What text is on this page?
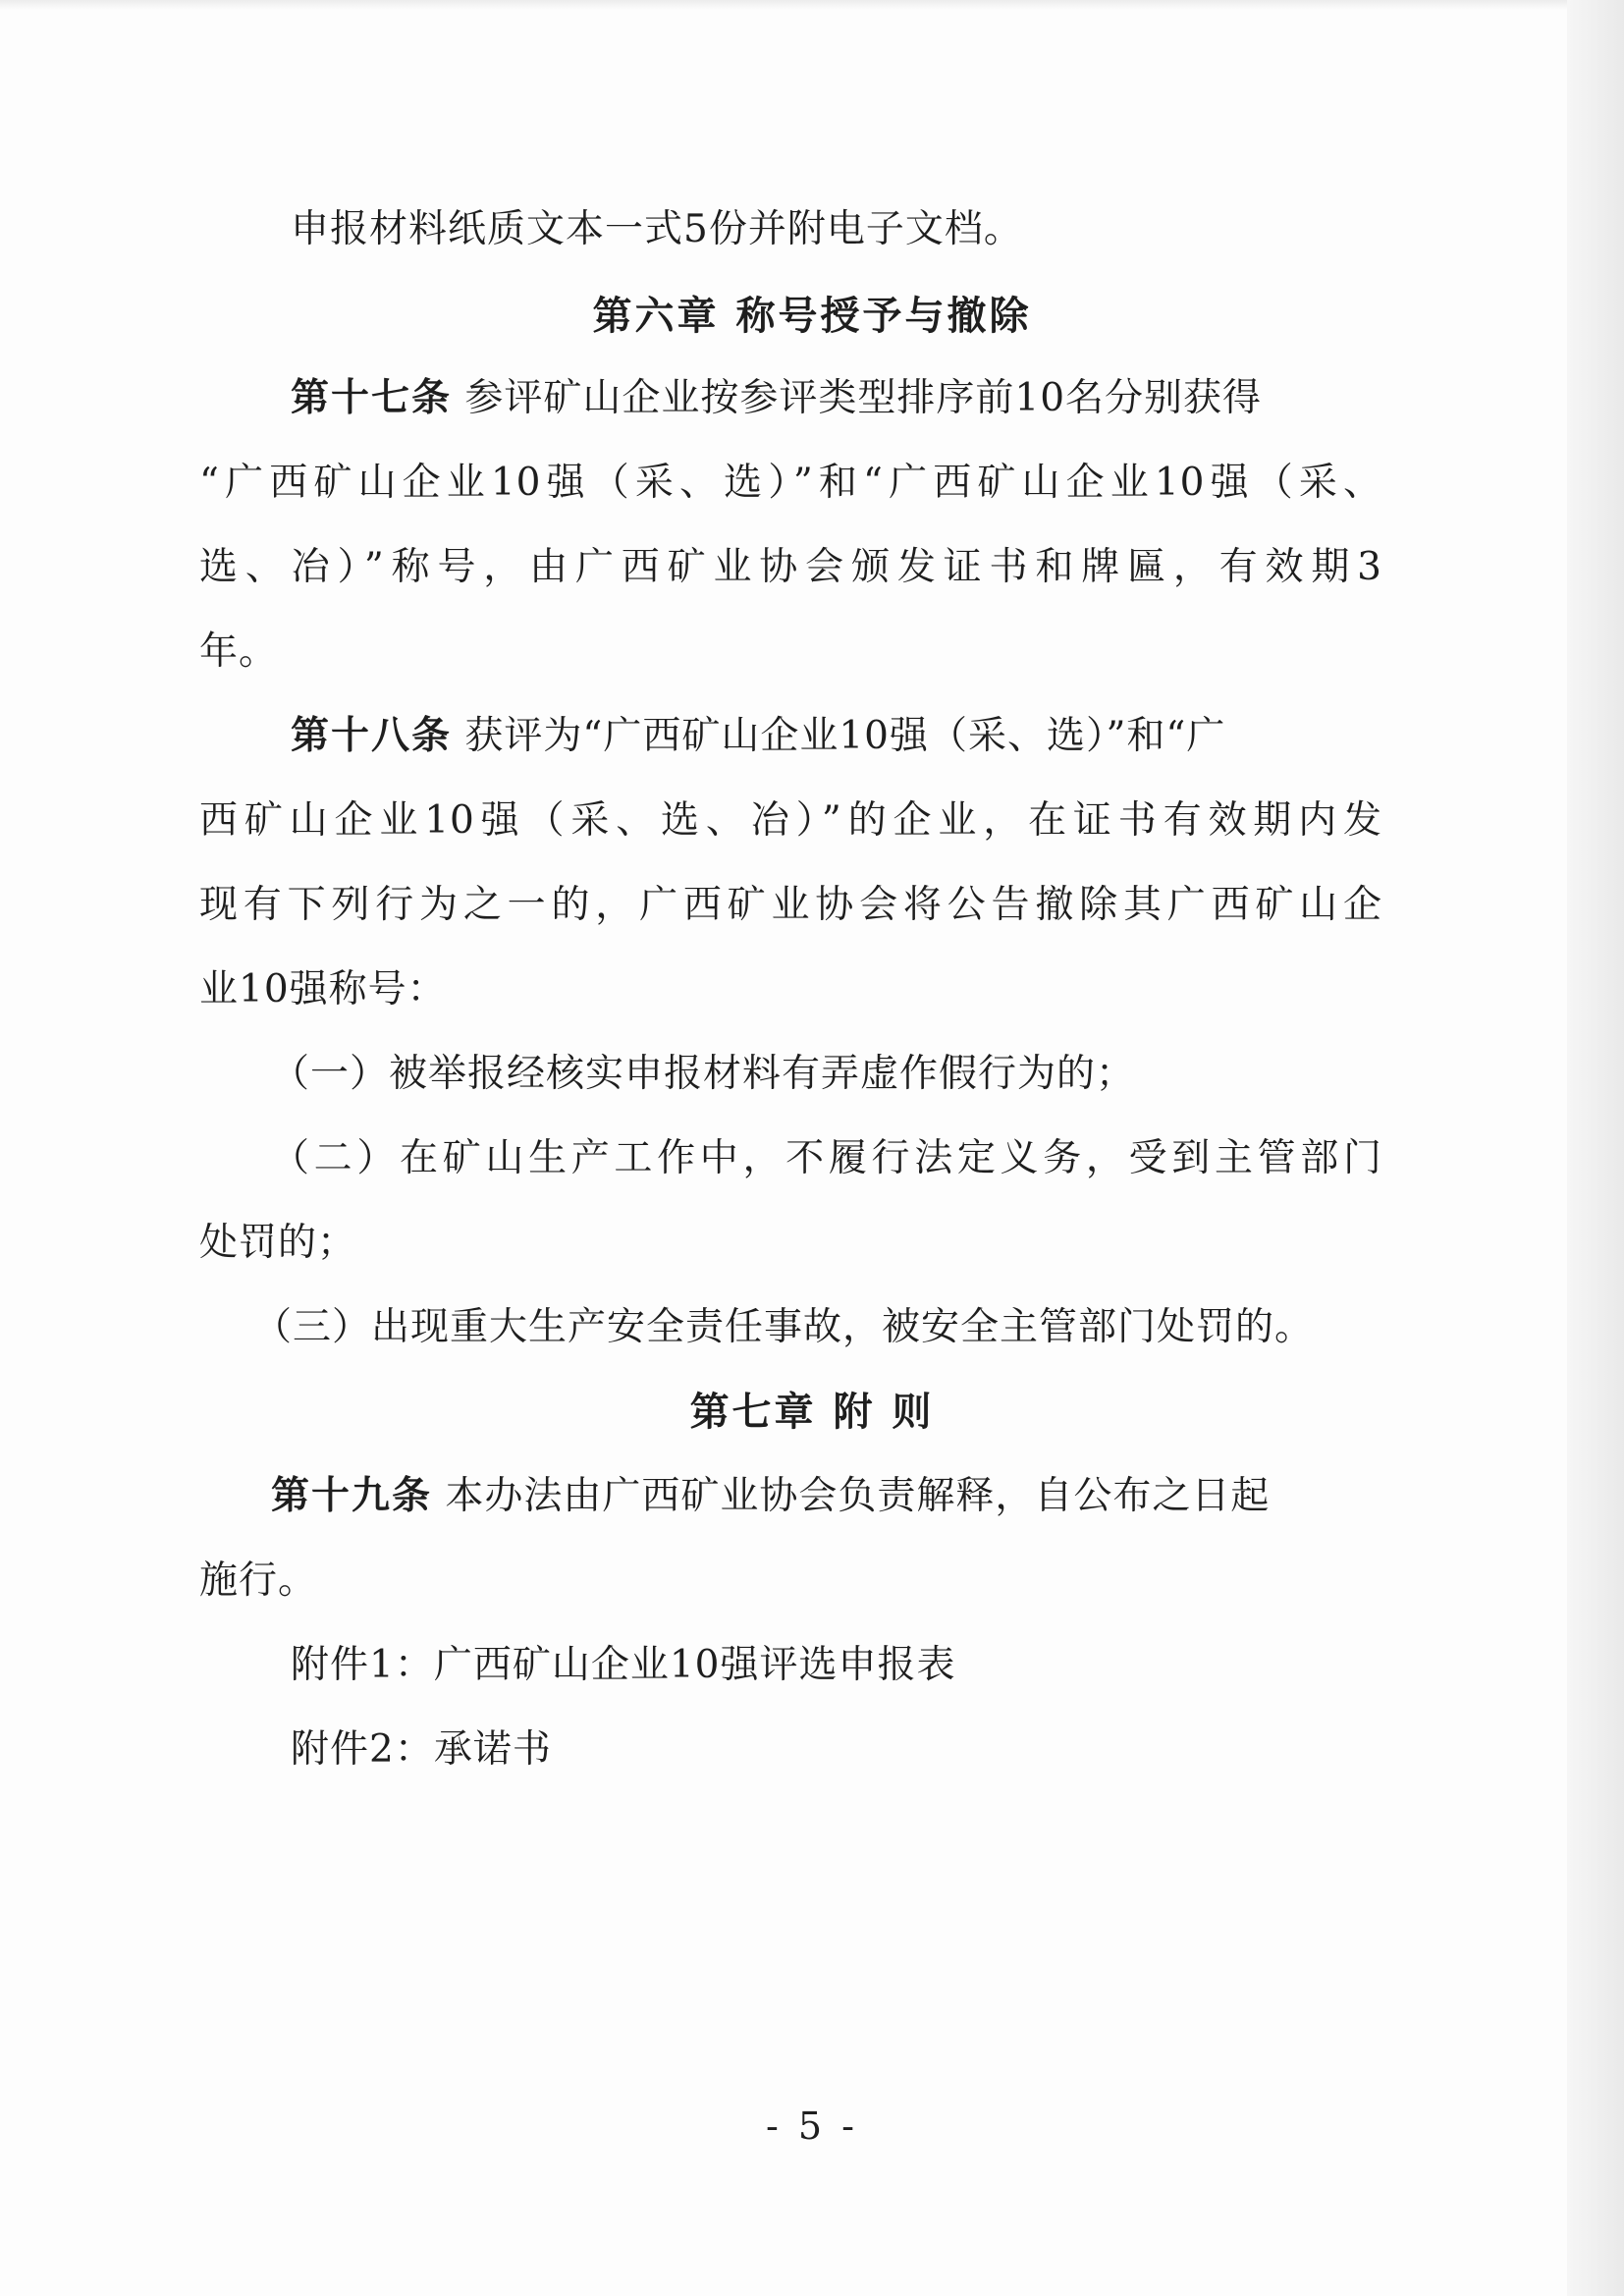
申报材料纸质文本一式5份并附电子文档。
第六章 称号授予与撤除
第十七条 参评矿山企业按参评类型排序前10名分别获得
“广西矿山企业10强（采、选）”和“广西矿山企业10强（采、
选、冶）”称号，由广西矿业协会颁发证书和牌匾，有效期3
年。
第十八条 获评为“广西矿山企业10强（采、选）”和“广
西矿山企业10强（采、选、冶）”的企业，在证书有效期内发
现有下列行为之一的，广西矿业协会将公告撤除其广西矿山企
业10强称号：
（一）被举报经核实申报材料有弄虚作假行为的；
（二）在矿山生产工作中，不履行法定义务，受到主管部门
处罚的；
（三）出现重大生产安全责任事故，被安全主管部门处罚的。
第七章 附 则
第十九条 本办法由广西矿业协会负责解释，自公布之日起
施行。
附件1：广西矿山企业10强评选申报表
附件2：承诺书
- 5 -
